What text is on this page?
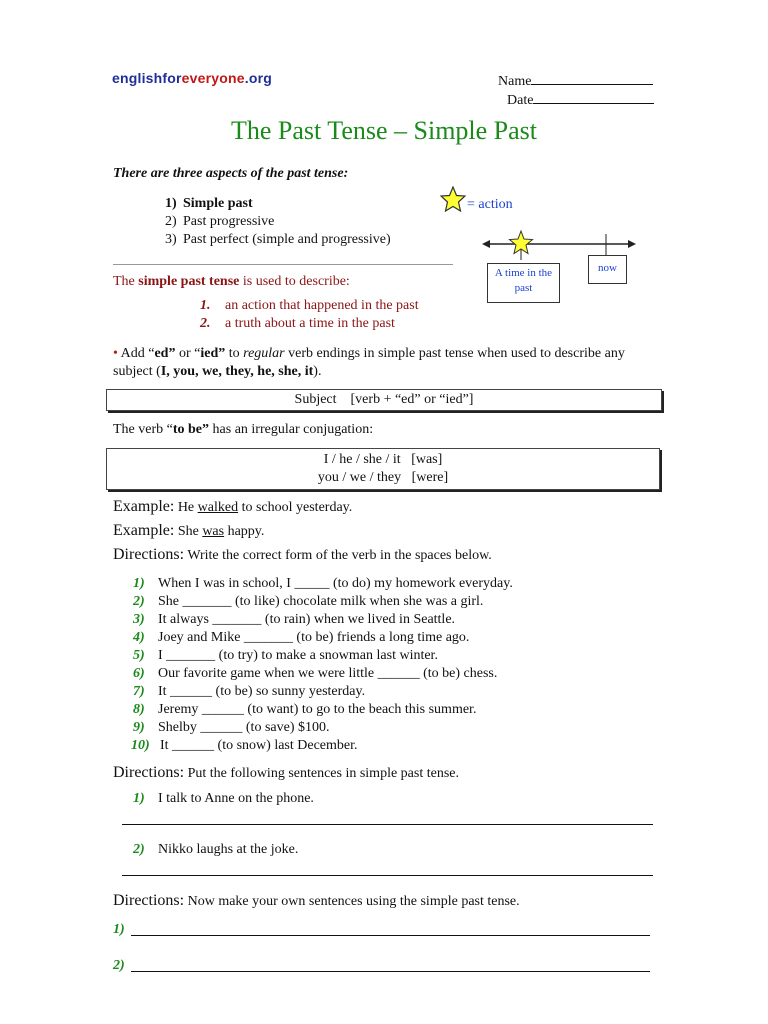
englishforeveryone.org	Name
Date
The Past Tense – Simple Past
There are three aspects of the past tense:
1) Simple past
2) Past progressive
3) Past perfect (simple and progressive)
= action
A time in the past
now
The simple past tense is used to describe:
1. an action that happened in the past
2. a truth about a time in the past
• Add “ed” or “ied” to regular verb endings in simple past tense when used to describe any subject (I, you, we, they, he, she, it).
Subject    [verb + “ed” or “ied”]
The verb “to be” has an irregular conjugation:
I / he / she / it   [was]
you / we / they   [were]
Example: He walked to school yesterday.
Example: She was happy.
Directions: Write the correct form of the verb in the spaces below.
1) When I was in school, I _____ (to do) my homework everyday.
2) She _______ (to like) chocolate milk when she was a girl.
3) It always _______ (to rain) when we lived in Seattle.
4) Joey and Mike _______ (to be) friends a long time ago.
5) I _______ (to try) to make a snowman last winter.
6) Our favorite game when we were little ______ (to be) chess.
7) It ______ (to be) so sunny yesterday.
8) Jeremy ______ (to want) to go to the beach this summer.
9) Shelby ______ (to save) $100.
10) It ______ (to snow) last December.
Directions: Put the following sentences in simple past tense.
1) I talk to Anne on the phone.
2) Nikko laughs at the joke.
Directions: Now make your own sentences using the simple past tense.
1)
2)
